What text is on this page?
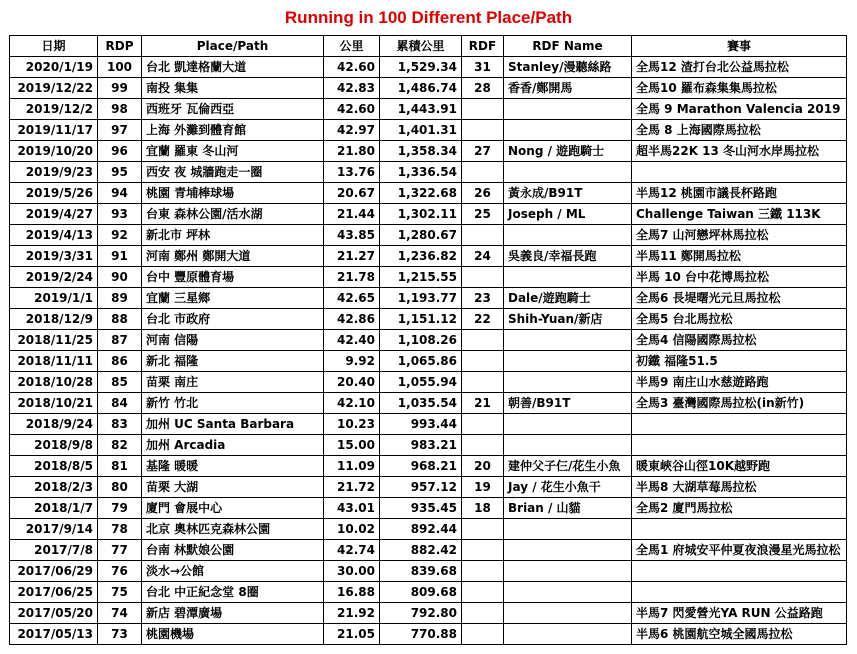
Running in 100 Different Place/Path
日期	RDP	Place/Path	公里	累積公里	RDF	RDF Name	賽事
2020/1/19	100	台北 凱達格蘭大道	42.60	1,529.34	31	Stanley/漫聽絲路	全馬12 渣打台北公益馬拉松
2019/12/22	99	南投 集集	42.83	1,486.74	28	香香/鄭開馬	全馬10 羅布森集集馬拉松
2019/12/2	98	西班牙 瓦倫西亞	42.60	1,443.91			全馬 9 Marathon Valencia 2019
2019/11/17	97	上海 外灘到體育館	42.97	1,401.31			全馬 8 上海國際馬拉松
2019/10/20	96	宜蘭 羅東 冬山河	21.80	1,358.34	27	Nong / 遊跑騎士	超半馬22K 13 冬山河水岸馬拉松
2019/9/23	95	西安 夜 城牆跑走一圈	13.76	1,336.54			
2019/5/26	94	桃園 青埔棒球場	20.67	1,322.68	26	黃永成/B91T	半馬12 桃園市議長杯路跑
2019/4/27	93	台東 森林公園/活水湖	21.44	1,302.11	25	Joseph / ML	Challenge Taiwan 三鐵 113K
2019/4/13	92	新北市 坪林	43.85	1,280.67			全馬7 山河戀坪林馬拉松
2019/3/31	91	河南 鄭州 鄭開大道	21.27	1,236.82	24	吳義良/幸福長跑	半馬11 鄭開馬拉松
2019/2/24	90	台中 豐原體育場	21.78	1,215.55			半馬 10 台中花博馬拉松
2019/1/1	89	宜蘭 三星鄉	42.65	1,193.77	23	Dale/遊跑騎士	全馬6 長堤曙光元旦馬拉松
2018/12/9	88	台北 市政府	42.86	1,151.12	22	Shih-Yuan/新店	全馬5 台北馬拉松
2018/11/25	87	河南 信陽	42.40	1,108.26			全馬4 信陽國際馬拉松
2018/11/11	86	新北 福隆	9.92	1,065.86			初鐵 福隆51.5
2018/10/28	85	苗栗 南庄	20.40	1,055.94			半馬9 南庄山水慈遊路跑
2018/10/21	84	新竹 竹北	42.10	1,035.54	21	朝善/B91T	全馬3 臺灣國際馬拉松(in新竹)
2018/9/24	83	加州 UC Santa Barbara	10.23	993.44			
2018/9/8	82	加州 Arcadia	15.00	983.21			
2018/8/5	81	基隆 暖暖	11.09	968.21	20	建仲父子仨/花生小魚	暖東峽谷山徑10K越野跑
2018/2/3	80	苗栗 大湖	21.72	957.12	19	Jay / 花生小魚干	半馬8 大湖草莓馬拉松
2018/1/7	79	廈門 會展中心	43.01	935.45	18	Brian / 山貓	全馬2 廈門馬拉松
2017/9/14	78	北京 奧林匹克森林公園	10.02	892.44			
2017/7/8	77	台南 林默娘公園	42.74	882.42			全馬1 府城安平仲夏夜浪漫星光馬拉松
2017/06/29	76	淡水→公館	30.00	839.68			
2017/06/25	75	台北 中正紀念堂 8圈	16.88	809.68			
2017/05/20	74	新店 碧潭廣場	21.92	792.80			半馬7 閃愛營光YA RUN 公益路跑
2017/05/13	73	桃園機場	21.05	770.88			半馬6 桃園航空城全國馬拉松
